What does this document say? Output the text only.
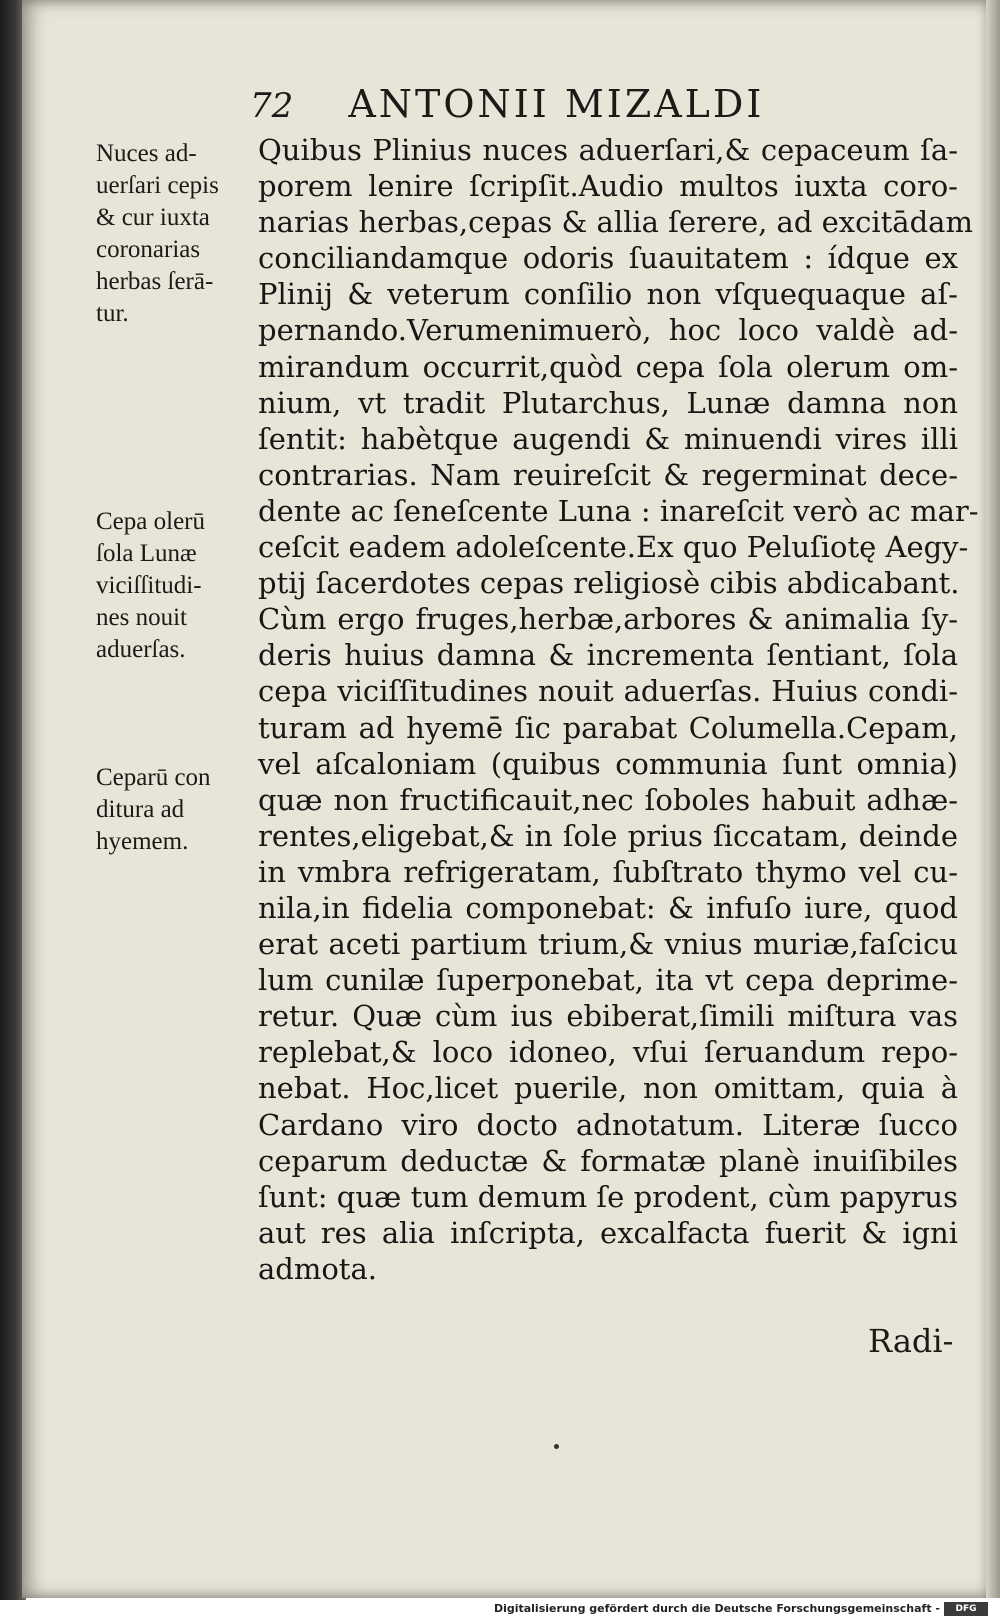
72 ANTONII MIZALDI
Nuces ad-
uerſari cepis
& cur iuxta
coronarias
herbas ſerā-
tur.
Cepa olerū
ſola Lunæ
viciſſitudi-
nes nouit
aduerſas.
Ceparū con
ditura ad
hyemem.
Quibus Plinius nuces aduerſari,& cepaceum ſa-
porem lenire ſcripſit.Audio multos iuxta coro-
narias herbas,cepas & allia ſerere, ad excitādam
conciliandamque odoris ſuauitatem : ídque ex
Plinij & veterum conſilio non vſquequaque aſ-
pernando.Verumenimuerò, hoc loco valdè ad-
mirandum occurrit,quòd cepa ſola olerum om-
nium, vt tradit Plutarchus, Lunæ damna non
ſentit: habètque augendi & minuendi vires illi
contrarias. Nam reuireſcit & regerminat dece-
dente ac ſeneſcente Luna : inareſcit verò ac mar-
ceſcit eadem adoleſcente.Ex quo Peluſiotę Aegy-
ptij ſacerdotes cepas religiosè cibis abdicabant.
Cùm ergo fruges,herbæ,arbores & animalia ſy-
deris huius damna & incrementa ſentiant, ſola
cepa viciſſitudines nouit aduerſas. Huius condi-
turam ad hyemē ſic parabat Columella.Cepam,
vel aſcaloniam (quibus communia ſunt omnia)
quæ non fructificauit,nec ſoboles habuit adhæ-
rentes,eligebat,& in ſole prius ſiccatam, deinde
in vmbra refrigeratam, ſubſtrato thymo vel cu-
nila,in fidelia componebat: & infuſo iure, quod
erat aceti partium trium,& vnius muriæ,faſcicu
lum cunilæ ſuperponebat, ita vt cepa deprime-
retur. Quæ cùm ius ebiberat,ſimili miſtura vas
replebat,& loco idoneo, vſui ſeruandum repo-
nebat. Hoc,licet puerile, non omittam, quia à
Cardano viro docto adnotatum. Literæ ſucco
ceparum deductæ & formatæ planè inuiſibiles
ſunt: quæ tum demum ſe prodent, cùm papyrus
aut res alia inſcripta, excalfacta fuerit & igni
admota.
Radi-
Digitalisierung gefördert durch die Deutsche Forschungsgemeinschaft -	DFG
